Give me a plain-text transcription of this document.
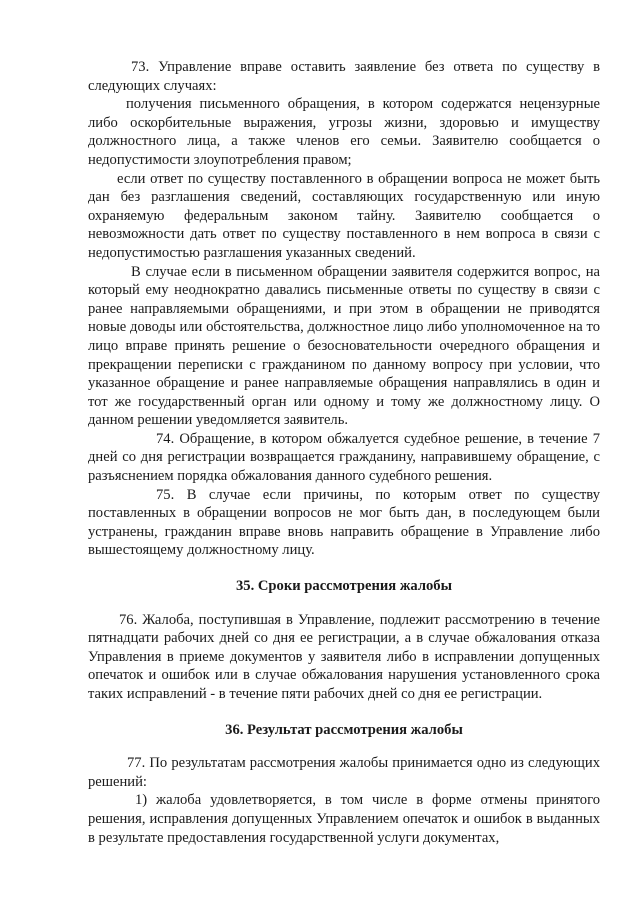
73. Управление вправе оставить заявление без ответа по существу в следующих случаях:

получения письменного обращения, в котором содержатся нецензурные либо оскорбительные выражения, угрозы жизни, здоровью и имуществу должностного лица, а также членов его семьи. Заявителю сообщается о недопустимости злоупотребления правом;

если ответ по существу поставленного в обращении вопроса не может быть дан без разглашения сведений, составляющих государственную или иную охраняемую федеральным законом тайну. Заявителю сообщается о невозможности дать ответ по существу поставленного в нем вопроса в связи с недопустимостью разглашения указанных сведений.

В случае если в письменном обращении заявителя содержится вопрос, на который ему неоднократно давались письменные ответы по существу в связи с ранее направляемыми обращениями, и при этом в обращении не приводятся новые доводы или обстоятельства, должностное лицо либо уполномоченное на то лицо вправе принять решение о безосновательности очередного обращения и прекращении переписки с гражданином по данному вопросу при условии, что указанное обращение и ранее направляемые обращения направлялись в один и тот же государственный орган или одному и тому же должностному лицу. О данном решении уведомляется заявитель.

74. Обращение, в котором обжалуется судебное решение, в течение 7 дней со дня регистрации возвращается гражданину, направившему обращение, с разъяснением порядка обжалования данного судебного решения.

75. В случае если причины, по которым ответ по существу поставленных в обращении вопросов не мог быть дан, в последующем были устранены, гражданин вправе вновь направить обращение в Управление либо вышестоящему должностному лицу.

35. Сроки рассмотрения жалобы

76. Жалоба, поступившая в Управление, подлежит рассмотрению в течение пятнадцати рабочих дней со дня ее регистрации, а в случае обжалования отказа Управления в приеме документов у заявителя либо в исправлении допущенных опечаток и ошибок или в случае обжалования нарушения установленного срока таких исправлений - в течение пяти рабочих дней со дня ее регистрации.

36. Результат рассмотрения жалобы

77. По результатам рассмотрения жалобы принимается одно из следующих решений:

1) жалоба удовлетворяется, в том числе в форме отмены принятого решения, исправления допущенных Управлением опечаток и ошибок в выданных в результате предоставления государственной услуги документах,
